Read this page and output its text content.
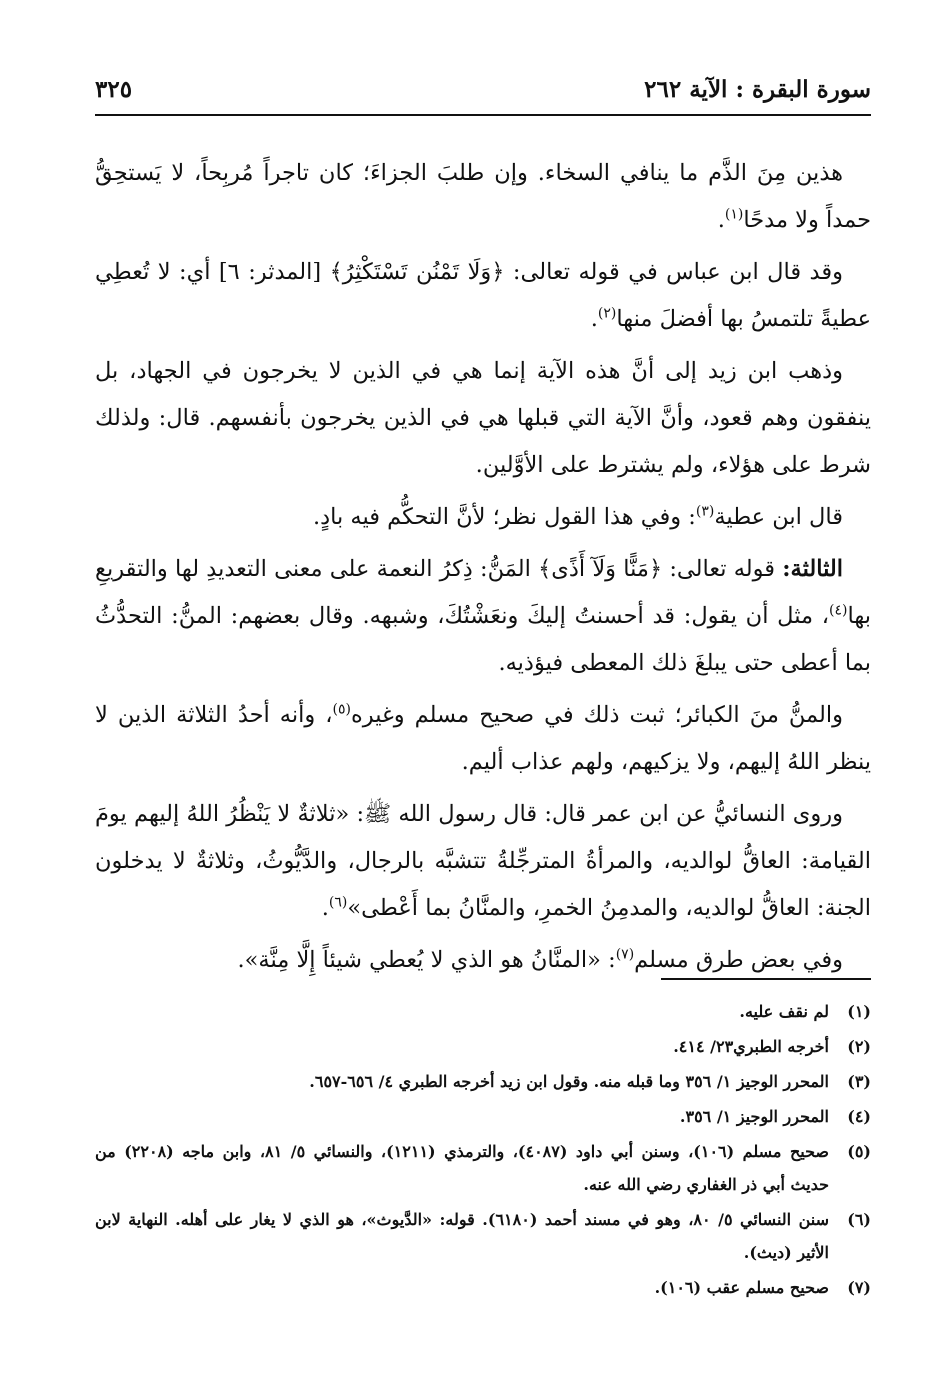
سورة البقرة : الآية ٢٦٢
٣٢٥

هذين مِنَ الذَّم ما ينافي السخاء. وإن طلبَ الجزاءَ؛ كان تاجراً مُربِحاً، لا يَستحِقُّ حمداً ولا مدحًا$^{(١)}$.

وقد قال ابن عباس في قوله تعالى: ﴿وَلَا تَمْنُن تَسْتَكْثِرُ﴾ [المدثر: ٦] أي: لا تُعطِي عطيةً تلتمسُ بها أفضلَ منها$^{(٢)}$.

وذهب ابن زيد إلى أنَّ هذه الآية إنما هي في الذين لا يخرجون في الجهاد، بل ينفقون وهم قعود، وأنَّ الآية التي قبلها هي في الذين يخرجون بأنفسهم. قال: ولذلك شرط على هؤلاء، ولم يشترط على الأوَّلين.

قال ابن عطية$^{(٣)}$: وفي هذا القول نظر؛ لأنَّ التحكُّم فيه بادٍ.

الثالثة: قوله تعالى: ﴿مَنًّا وَلَآ أَذًى﴾ المَنُّ: ذِكرُ النعمة على معنى التعديدِ لها والتقريعِ بها$^{(٤)}$، مثل أن يقول: قد أحسنتُ إليكَ ونعَشْتُكَ، وشبهه. وقال بعضهم: المنُّ: التحدُّثُ بما أعطى حتى يبلغَ ذلك المعطى فيؤذيه.

والمنُّ منَ الكبائر؛ ثبت ذلك في صحيح مسلم وغيره$^{(٥)}$، وأنه أحدُ الثلاثة الذين لا ينظر اللهُ إليهم، ولا يزكيهم، ولهم عذاب أليم.

وروى النسائيُّ عن ابن عمر قال: قال رسول الله ﷺ: «ثلاثةٌ لا يَنْظُرُ اللهُ إليهم يومَ القيامة: العاقُّ لوالديه، والمرأةُ المترجِّلةُ تتشبَّه بالرجال، والدَّيُّوثُ، وثلاثةٌ لا يدخلون الجنة: العاقُّ لوالديه، والمدمِنُ الخمرِ، والمنَّانُ بما أَعْطى»$^{(٦)}$.

وفي بعض طرق مسلم$^{(٧)}$: «المنَّانُ هو الذي لا يُعطي شيئاً إِلَّا مِنَّة».

(١)
لم نقف عليه.
(٢)
أخرجه الطبري٢٣/ ٤١٤.
(٣)
المحرر الوجيز ١/ ٣٥٦ وما قبله منه. وقول ابن زيد أخرجه الطبري ٤/ ٦٥٦-٦٥٧.
(٤)
المحرر الوجيز ١/ ٣٥٦.
(٥)
صحيح مسلم (١٠٦)، وسنن أبي داود (٤٠٨٧)، والترمذي (١٢١١)، والنسائي ٥/ ٨١، وابن ماجه (٢٢٠٨) من حديث أبي ذر الغفاري رضي الله عنه.
(٦)
سنن النسائي ٥/ ٨٠، وهو في مسند أحمد (٦١٨٠). قوله: «الدَّيوث»، هو الذي لا يغار على أهله. النهاية لابن الأثير (ديث).
(٧)
صحيح مسلم عقب (١٠٦).
